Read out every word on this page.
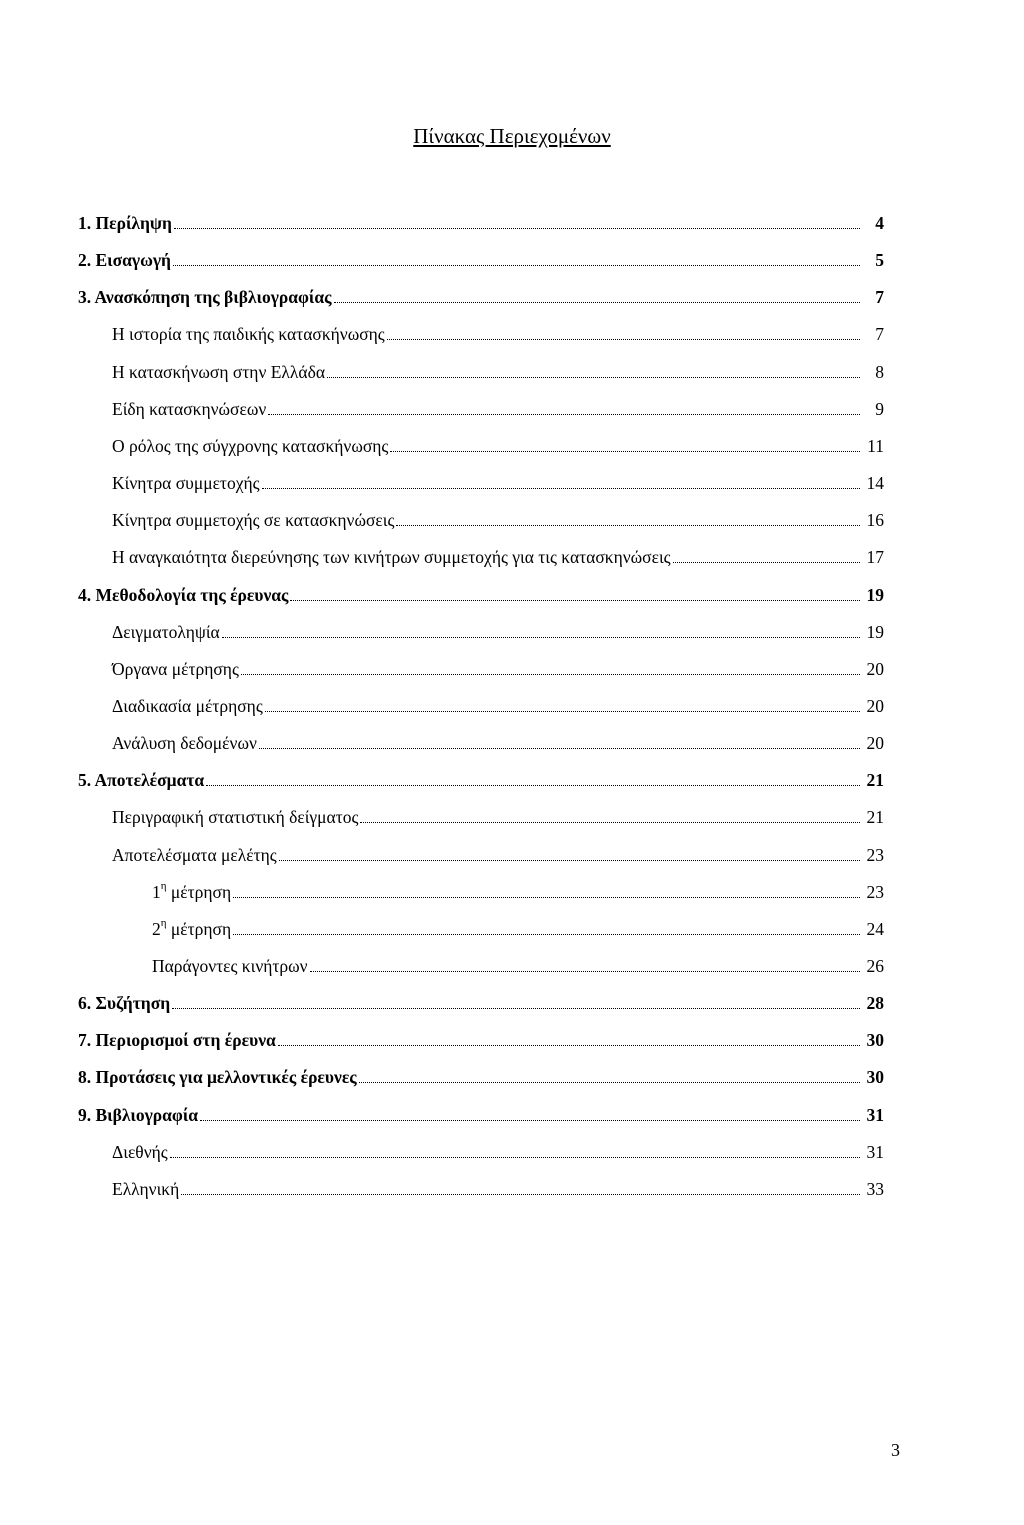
Πίνακας Περιεχομένων
1. Περίληψη	4
2. Εισαγωγή	5
3. Ανασκόπηση της βιβλιογραφίας	7
Η ιστορία της παιδικής κατασκήνωσης	7
Η κατασκήνωση στην Ελλάδα	8
Είδη κατασκηνώσεων	9
Ο ρόλος της σύγχρονης κατασκήνωσης	11
Κίνητρα συμμετοχής	14
Κίνητρα συμμετοχής σε κατασκηνώσεις	16
Η αναγκαιότητα διερεύνησης των κινήτρων συμμετοχής για τις κατασκηνώσεις	17
4. Μεθοδολογία της έρευνας	19
Δειγματοληψία	19
Όργανα μέτρησης	20
Διαδικασία μέτρησης	20
Ανάλυση δεδομένων	20
5. Αποτελέσματα	21
Περιγραφική στατιστική δείγματος	21
Αποτελέσματα μελέτης	23
$1^\eta$ μέτρηση	23
$2^\eta$ μέτρηση	24
Παράγοντες κινήτρων	26
6. Συζήτηση	28
7. Περιορισμοί στη έρευνα	30
8. Προτάσεις για μελλοντικές έρευνες	30
9. Βιβλιογραφία	31
Διεθνής	31
Ελληνική	33
3
